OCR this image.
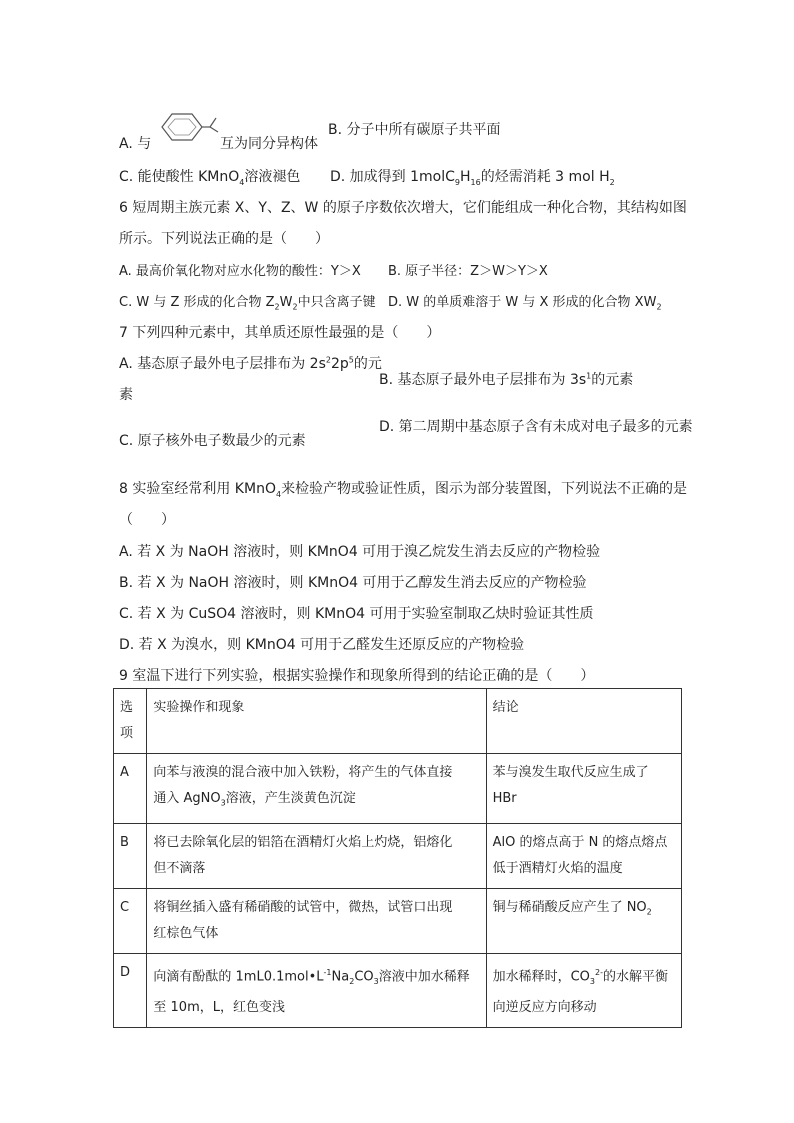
A. 与	互为同分异构体
B. 分子中所有碳原子共平面
C. 能使酸性 KMnO$_4$溶液褪色 D. 加成得到 $1molC_9H_{16}$的烃需消耗 3 mol $H_2$
6 短周期主族元素 X、Y、Z、W 的原子序数依次增大，它们能组成一种化合物，其结构如图
所示。下列说法正确的是（　　）
A. 最高价氧化物对应水化物的酸性：Y＞X B. 原子半径：Z＞W＞Y＞X
C. W 与 Z 形成的化合物 $Z_2W_2$中只含离子键 D. W 的单质难溶于 W 与 X 形成的化合物 $XW_2$
7 下列四种元素中，其单质还原性最强的是（　　）
A. 基态原子最外电子层排布为 $2s^22p^5$的元
素
B. 基态原子最外电子层排布为 $3s^1$的元素
C. 原子核外电子数最少的元素
D. 第二周期中基态原子含有未成对电子最多的元素
8 实验室经常利用 KMnO$_4$来检验产物或验证性质，图示为部分装置图，下列说法不正确的是
（　　）
A. 若 X 为 NaOH 溶液时，则 KMnO4 可用于溴乙烷发生消去反应的产物检验
B. 若 X 为 NaOH 溶液时，则 KMnO4 可用于乙醇发生消去反应的产物检验
C. 若 X 为 CuSO4 溶液时，则 KMnO4 可用于实验室制取乙炔时验证其性质
D. 若 X 为溴水，则 KMnO4 可用于乙醛发生还原反应的产物检验
9 室温下进行下列实验，根据实验操作和现象所得到的结论正确的是（　　）
选
项	实验操作和现象	结论
A	向苯与液溴的混合液中加入铁粉，将产生的气体直接
通入 AgNO$_3$溶液，产生淡黄色沉淀	苯与溴发生取代反应生成了
HBr
B	将已去除氧化层的铝箔在酒精灯火焰上灼烧，铝熔化
但不滴落	AlO 的熔点高于 N 的熔点熔点
低于酒精灯火焰的温度
C	将铜丝插入盛有稀硝酸的试管中，微热，试管口出现
红棕色气体	铜与稀硝酸反应产生了 $NO_2$
D	向滴有酚酞的 $1mL0.1mol•L^{-1}Na_2CO_3$溶液中加水稀释
至 10m，L，红色变浅	加水稀释时，$CO_3^{2-}$的水解平衡
向逆反应方向移动
